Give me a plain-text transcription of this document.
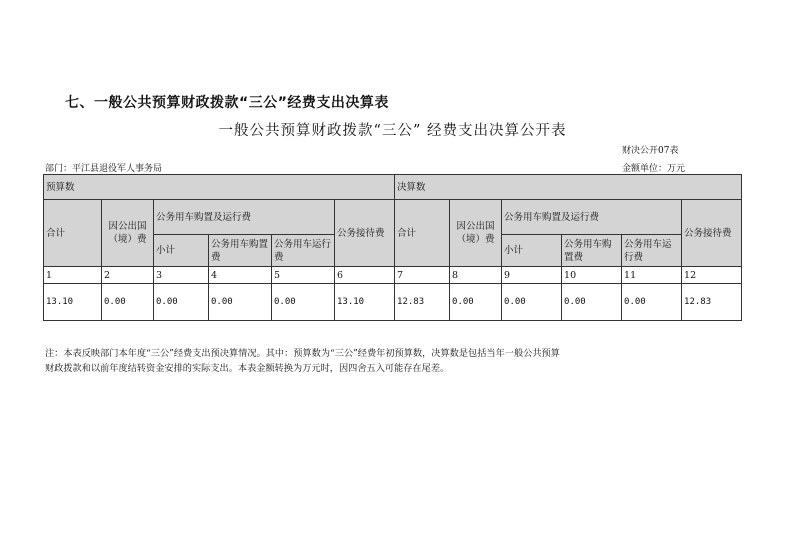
七、一般公共预算财政拨款“三公”经费支出决算表
一般公共预算财政拨款“三公” 经费支出决算公开表
财决公开07表
部门：平江县退役军人事务局	金额单位：万元
预算数						决算数					
合计	因公出国（境）费	公务用车购置及运行费			公务接待费	合计	因公出国（境）费	公务用车购置及运行费			公务接待费
		小计	公务用车购置费	公务用车运行费				小计	公务用车购置费	公务用车运行费	
1	2	3	4	5	6	7	8	9	10	11	12
13.10	0.00	0.00	0.00	0.00	13.10	12.83	0.00	0.00	0.00	0.00	12.83
注：本表反映部门本年度“三公”经费支出预决算情况。其中：预算数为“三公”经费年初预算数，决算数是包括当年一般公共预算
财政拨款和以前年度结转资金安排的实际支出。本表金额转换为万元时，因四舍五入可能存在尾差。
